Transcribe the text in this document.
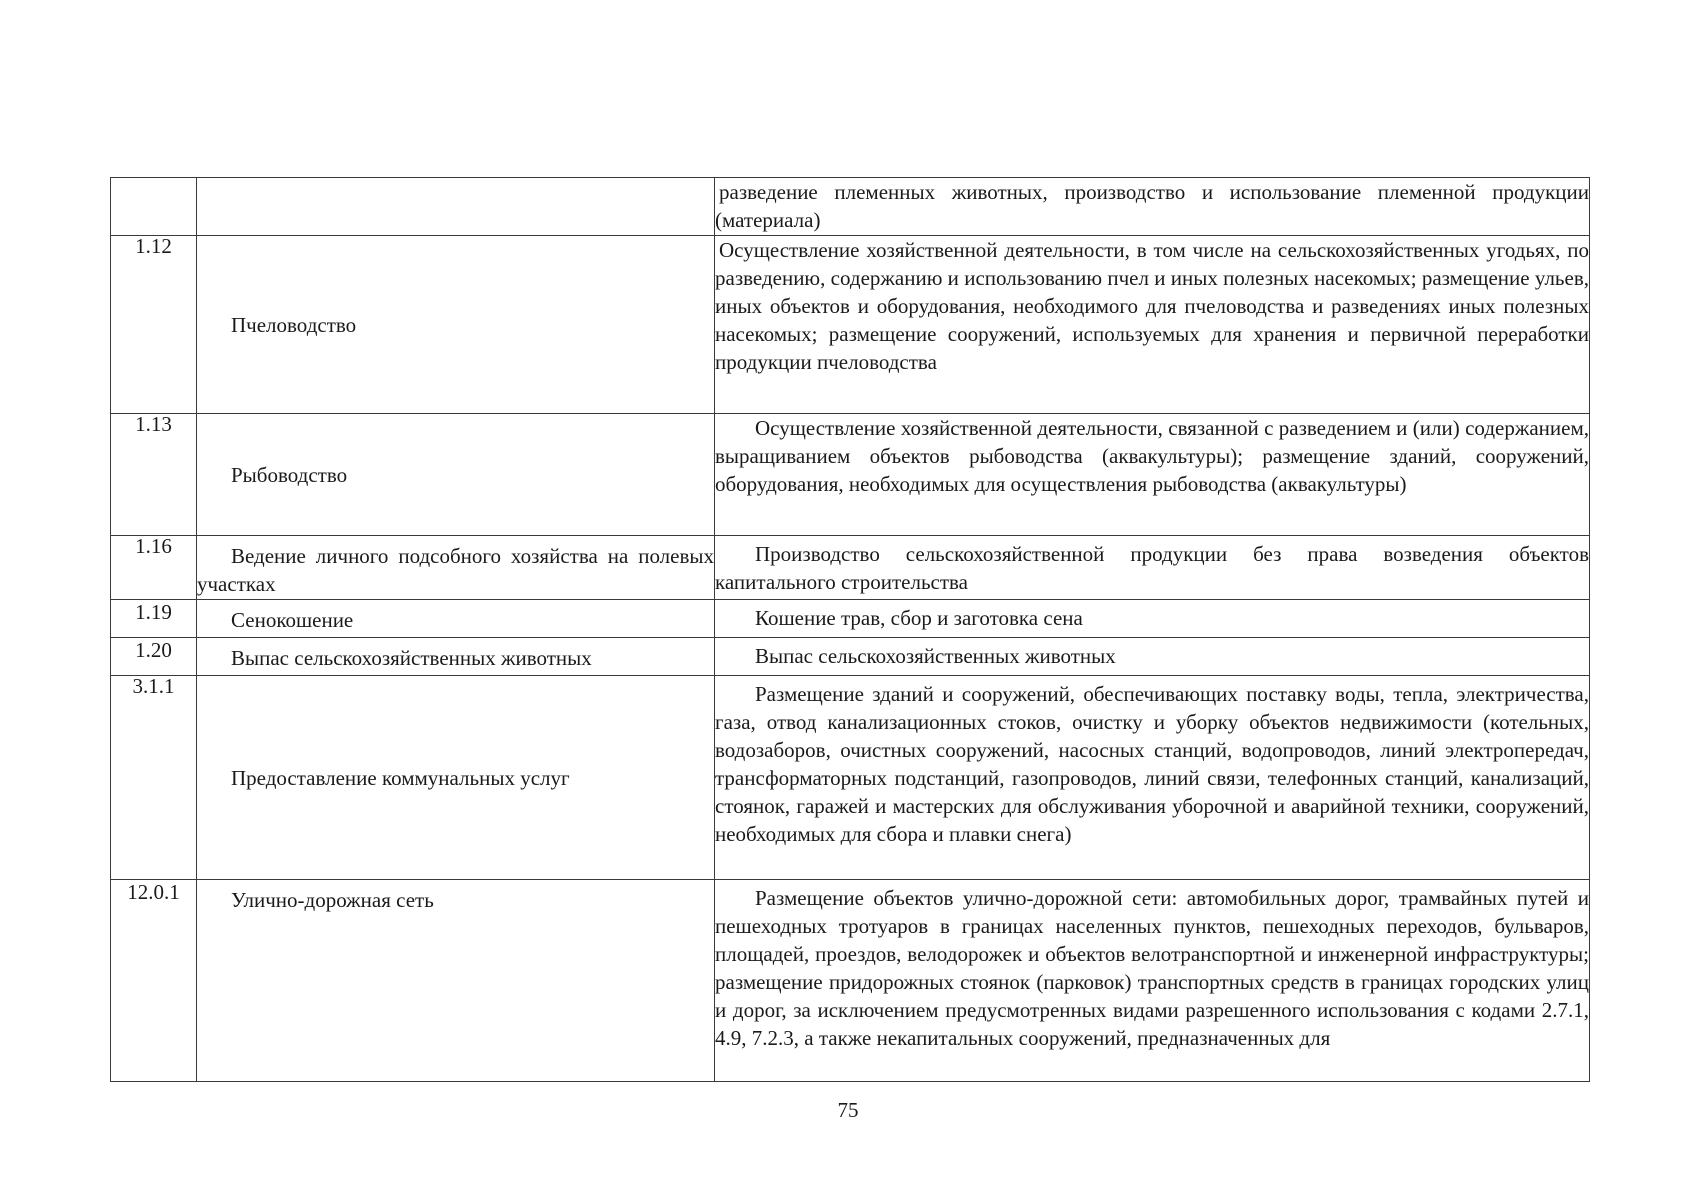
		разведение племенных животных, производство и использование племенной продукции (материала)

1.12	Пчеловодство	Осуществление хозяйственной деятельности, в том числе на сельскохозяйственных угодьях, по разведению, содержанию и использованию пчел и иных полезных насекомых; размещение ульев, иных объектов и оборудования, необходимого для пчеловодства и разведениях иных полезных насекомых; размещение сооружений, используемых для хранения и первичной переработки продукции пчеловодства

1.13	Рыбоводство	Осуществление хозяйственной деятельности, связанной с разведением и (или) содержанием, выращиванием объектов рыбоводства (аквакультуры); размещение зданий, сооружений, оборудования, необходимых для осуществления рыбоводства (аквакультуры)

1.16	Ведение личного подсобного хозяйства на полевых участках	Производство сельскохозяйственной продукции без права возведения объектов капитального строительства

1.19	Сенокошение	Кошение трав, сбор и заготовка сена

1.20	Выпас сельскохозяйственных животных	Выпас сельскохозяйственных животных

3.1.1	Предоставление коммунальных услуг	Размещение зданий и сооружений, обеспечивающих поставку воды, тепла, электричества, газа, отвод канализационных стоков, очистку и уборку объектов недвижимости (котельных, водозаборов, очистных сооружений, насосных станций, водопроводов, линий электропередач, трансформаторных подстанций, газопроводов, линий связи, телефонных станций, канализаций, стоянок, гаражей и мастерских для обслуживания уборочной и аварийной техники, сооружений, необходимых для сбора и плавки снега)

12.0.1	Улично-дорожная сеть	Размещение объектов улично-дорожной сети: автомобильных дорог, трамвайных путей и пешеходных тротуаров в границах населенных пунктов, пешеходных переходов, бульваров, площадей, проездов, велодорожек и объектов велотранспортной и инженерной инфраструктуры; размещение придорожных стоянок (парковок) транспортных средств в границах городских улиц и дорог, за исключением предусмотренных видами разрешенного использования с кодами 2.7.1, 4.9, 7.2.3, а также некапитальных сооружений, предназначенных для
75
